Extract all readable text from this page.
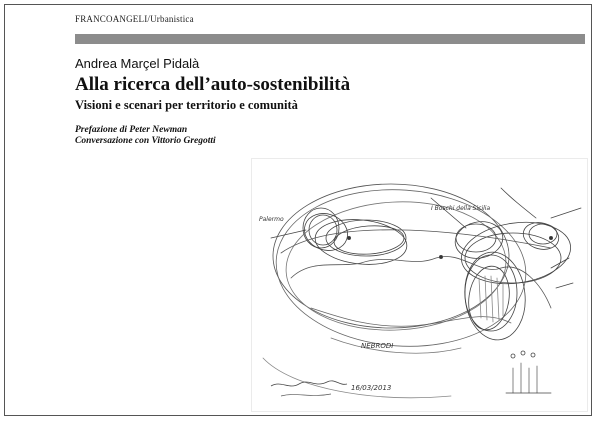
FRANCOANGELI/Urbanistica
Andrea Marçel Pidalà
Alla ricerca dell’auto-sostenibilità
Visioni e scenari per territorio e comunità
Prefazione di Peter Newman
Conversazione con Vittorio Gregotti
Palermo
NEBRODI
I Boschi della Sicilia
16/03/2013
